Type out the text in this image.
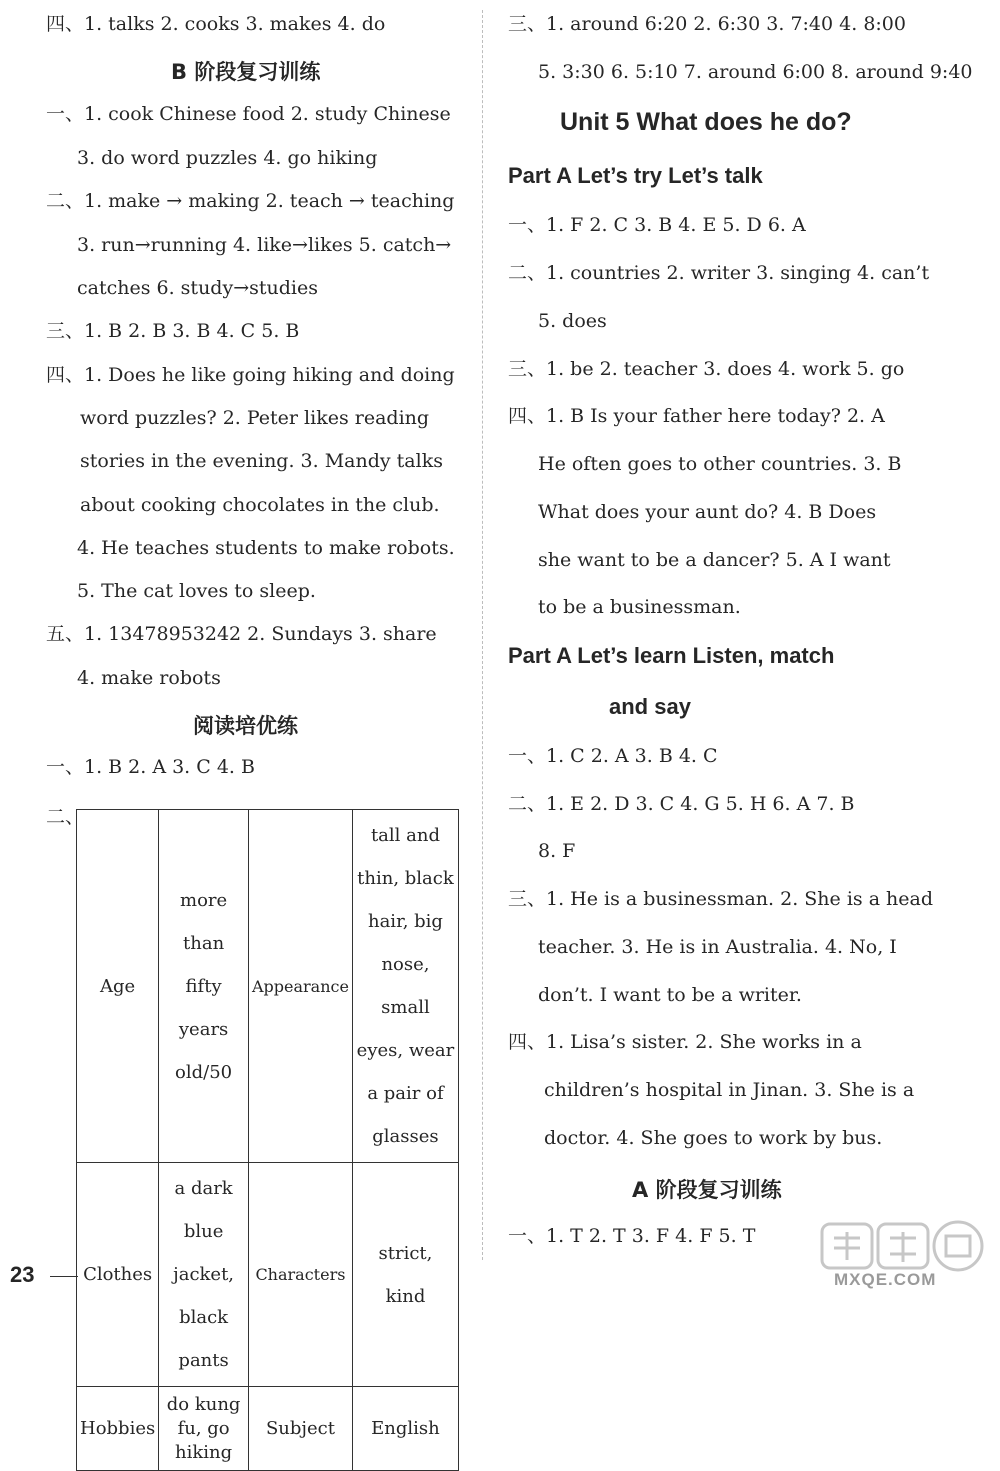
四、1. talks 2. cooks 3. makes 4. do
B 阶段复习训练
一、1. cook Chinese food 2. study Chinese
3. do word puzzles 4. go hiking
二、1. make → making 2. teach → teaching
3. run→running 4. like→likes 5. catch→
catches 6. study→studies
三、1. B 2. B 3. B 4. C 5. B
四、1. Does he like going hiking and doing
word puzzles? 2. Peter likes reading
stories in the evening. 3. Mandy talks
about cooking chocolates in the club.
4. He teaches students to make robots.
5. The cat loves to sleep.
五、1. 13478953242 2. Sundays 3. share
4. make robots
阅读培优练
一、1. B 2. A 3. C 4. B
二、
Age	more than fifty years old/50	Appearance	tall and thin, black hair, big nose, small eyes, wear a pair of glasses
Clothes	a dark blue jacket, black pants	Characters	strict, kind
Hobbies	do kung fu, go hiking	Subject	English
23
三、1. around 6:20 2. 6:30 3. 7:40 4. 8:00
5. 3:30 6. 5:10 7. around 6:00 8. around 9:40
Unit 5 What does he do?
Part A Let’s try Let’s talk
一、1. F 2. C 3. B 4. E 5. D 6. A
二、1. countries 2. writer 3. singing 4. can’t
5. does
三、1. be 2. teacher 3. does 4. work 5. go
四、1. B Is your father here today? 2. A
He often goes to other countries. 3. B
What does your aunt do? 4. B Does
she want to be a dancer? 5. A I want
to be a businessman.
Part A Let’s learn Listen, match
and say
一、1. C 2. A 3. B 4. C
二、1. E 2. D 3. C 4. G 5. H 6. A 7. B
8. F
三、1. He is a businessman. 2. She is a head
teacher. 3. He is in Australia. 4. No, I
don’t. I want to be a writer.
四、1. Lisa’s sister. 2. She works in a
children’s hospital in Jinan. 3. She is a
doctor. 4. She goes to work by bus.
A 阶段复习训练
一、1. T 2. T 3. F 4. F 5. T
MXQE.COM
